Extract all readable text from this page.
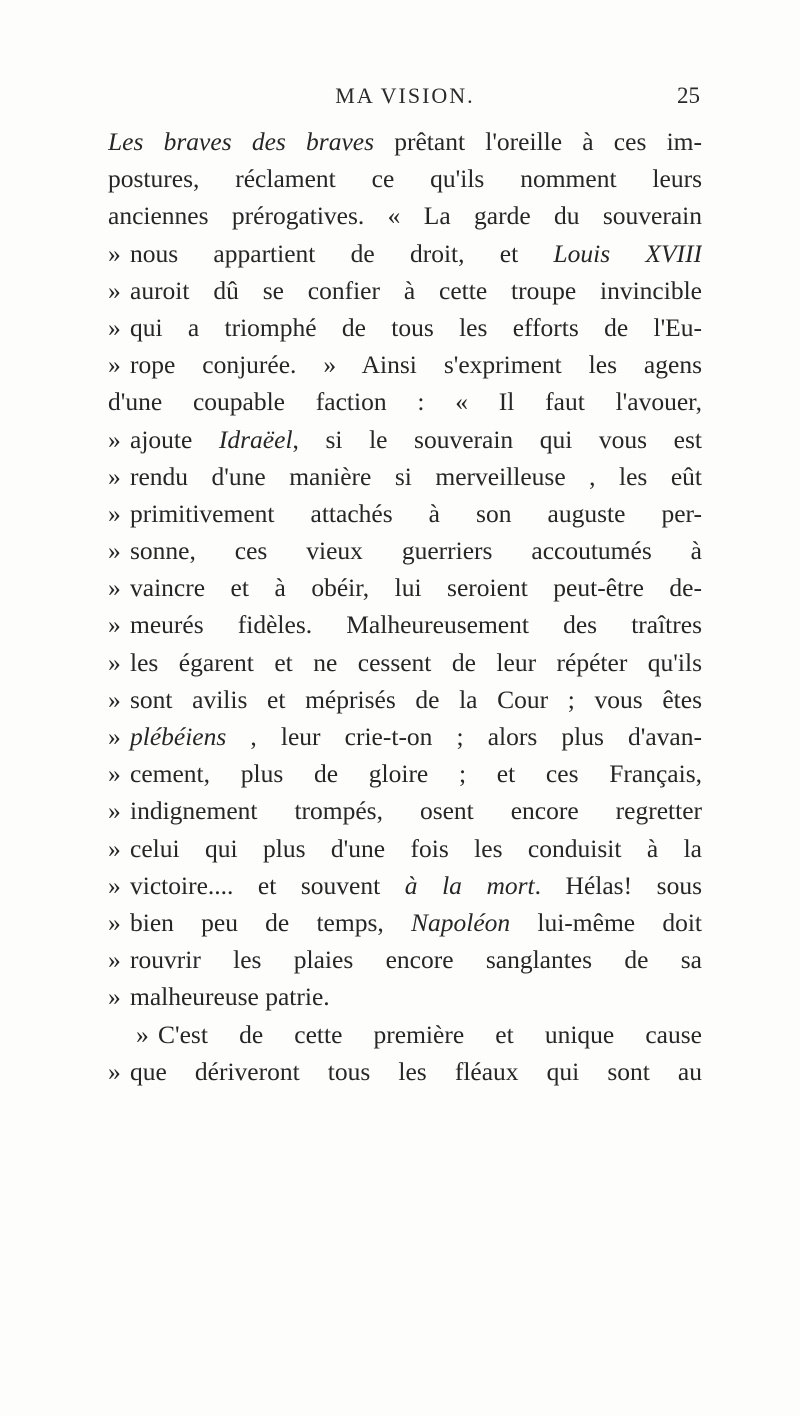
MA VISION.	25
Les braves des braves prêtant l'oreille à ces im-
postures, réclament ce qu'ils nomment leurs
anciennes prérogatives. « La garde du souverain
» nous appartient de droit, et Louis XVIII
» auroit dû se confier à cette troupe invincible
» qui a triomphé de tous les efforts de l'Eu-
» rope conjurée. » Ainsi s'expriment les agens
d'une coupable faction : « Il faut l'avouer,
» ajoute Idraëel, si le souverain qui vous est
» rendu d'une manière si merveilleuse , les eût
» primitivement attachés à son auguste per-
» sonne, ces vieux guerriers accoutumés à
» vaincre et à obéir, lui seroient peut-être de-
» meurés fidèles. Malheureusement des traîtres
» les égarent et ne cessent de leur répéter qu'ils
» sont avilis et méprisés de la Cour ; vous êtes
» plébéiens , leur crie-t-on ; alors plus d'avan-
» cement, plus de gloire ; et ces Français,
» indignement trompés, osent encore regretter
» celui qui plus d'une fois les conduisit à la
» victoire.... et souvent à la mort. Hélas! sous
» bien peu de temps, Napoléon lui-même doit
» rouvrir les plaies encore sanglantes de sa
» malheureuse patrie.
» C'est de cette première et unique cause
» que dériveront tous les fléaux qui sont au
